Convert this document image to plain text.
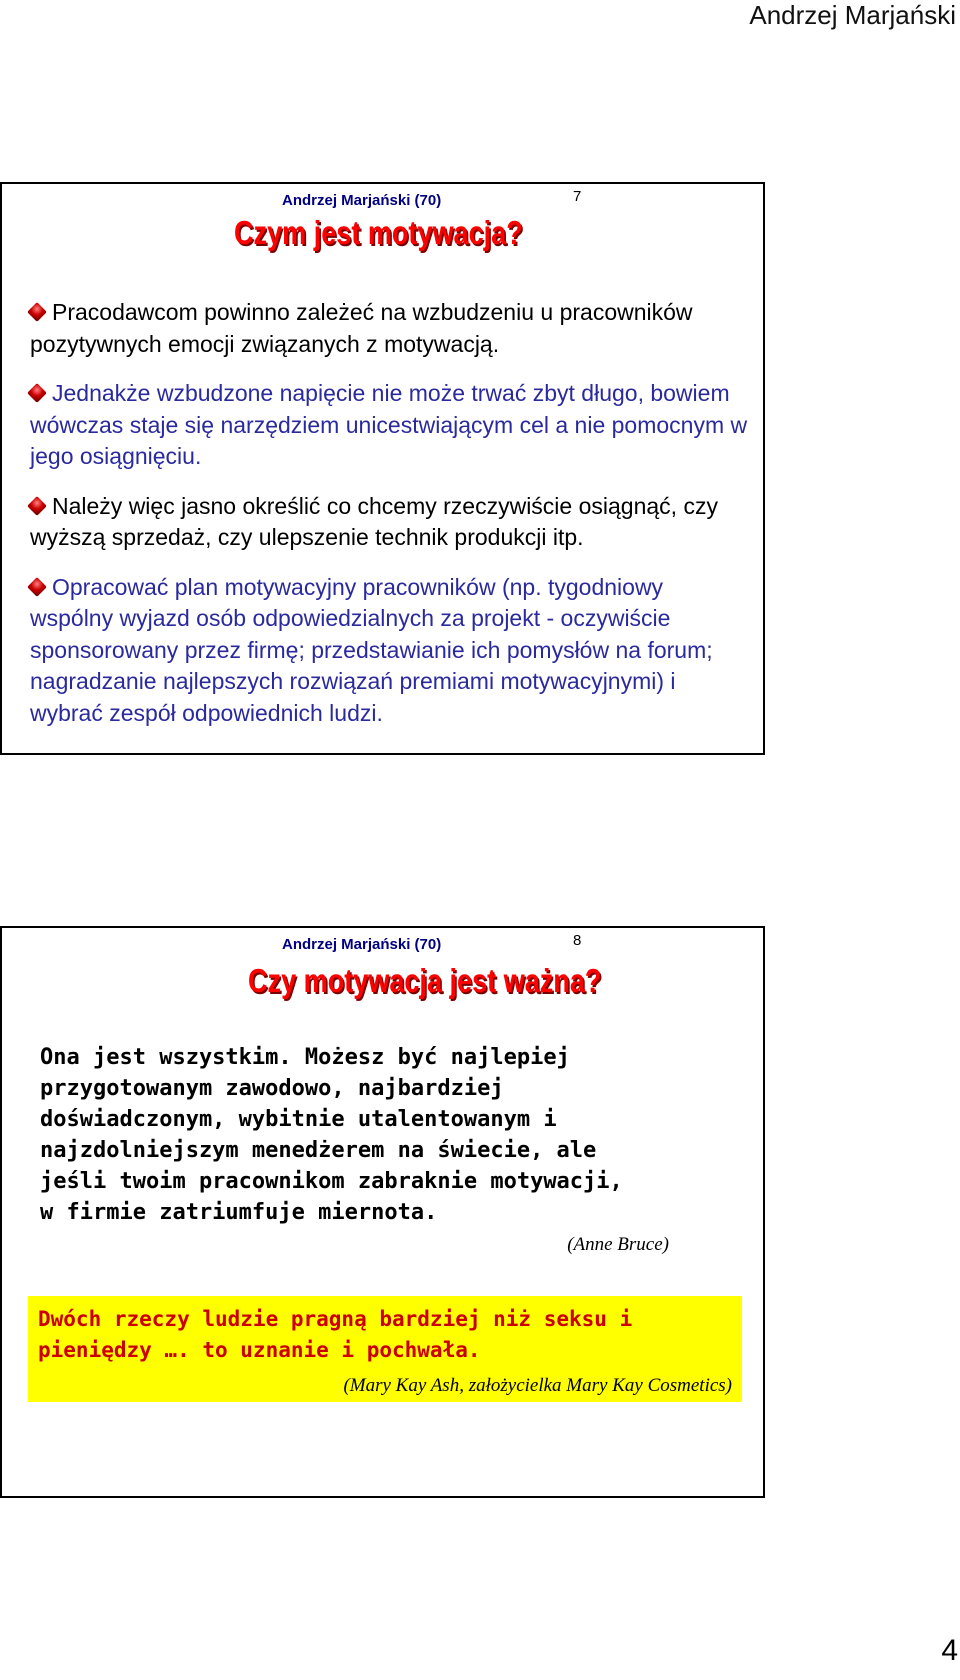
Andrzej Marjański
Andrzej Marjański (70)	7
Czym jest motywacja?
Pracodawcom powinno zależeć na wzbudzeniu u pracowników pozytywnych emocji związanych z motywacją.
Jednakże wzbudzone napięcie nie może trwać zbyt długo, bowiem wówczas staje się narzędziem unicestwiającym cel a nie pomocnym w jego osiągnięciu.
Należy więc jasno określić co chcemy rzeczywiście osiągnąć, czy wyższą sprzedaż, czy ulepszenie technik produkcji itp.
Opracować plan motywacyjny pracowników (np. tygodniowy wspólny wyjazd osób odpowiedzialnych za projekt - oczywiście sponsorowany przez firmę; przedstawianie ich pomysłów na forum; nagradzanie najlepszych rozwiązań premiami motywacyjnymi) i wybrać zespół odpowiednich ludzi.
Andrzej Marjański (70)	8
Czy motywacja jest ważna?
Ona jest wszystkim. Możesz być najlepiej
przygotowanym zawodowo, najbardziej
doświadczonym, wybitnie utalentowanym i
najzdolniejszym menedżerem na świecie, ale
jeśli twoim pracownikom zabraknie motywacji,
w firmie zatriumfuje miernota.
(Anne Bruce)
Dwóch rzeczy ludzie pragną bardziej niż seksu i
pieniędzy …. to uznanie i pochwała.
(Mary Kay Ash, założycielka Mary Kay Cosmetics)
4
